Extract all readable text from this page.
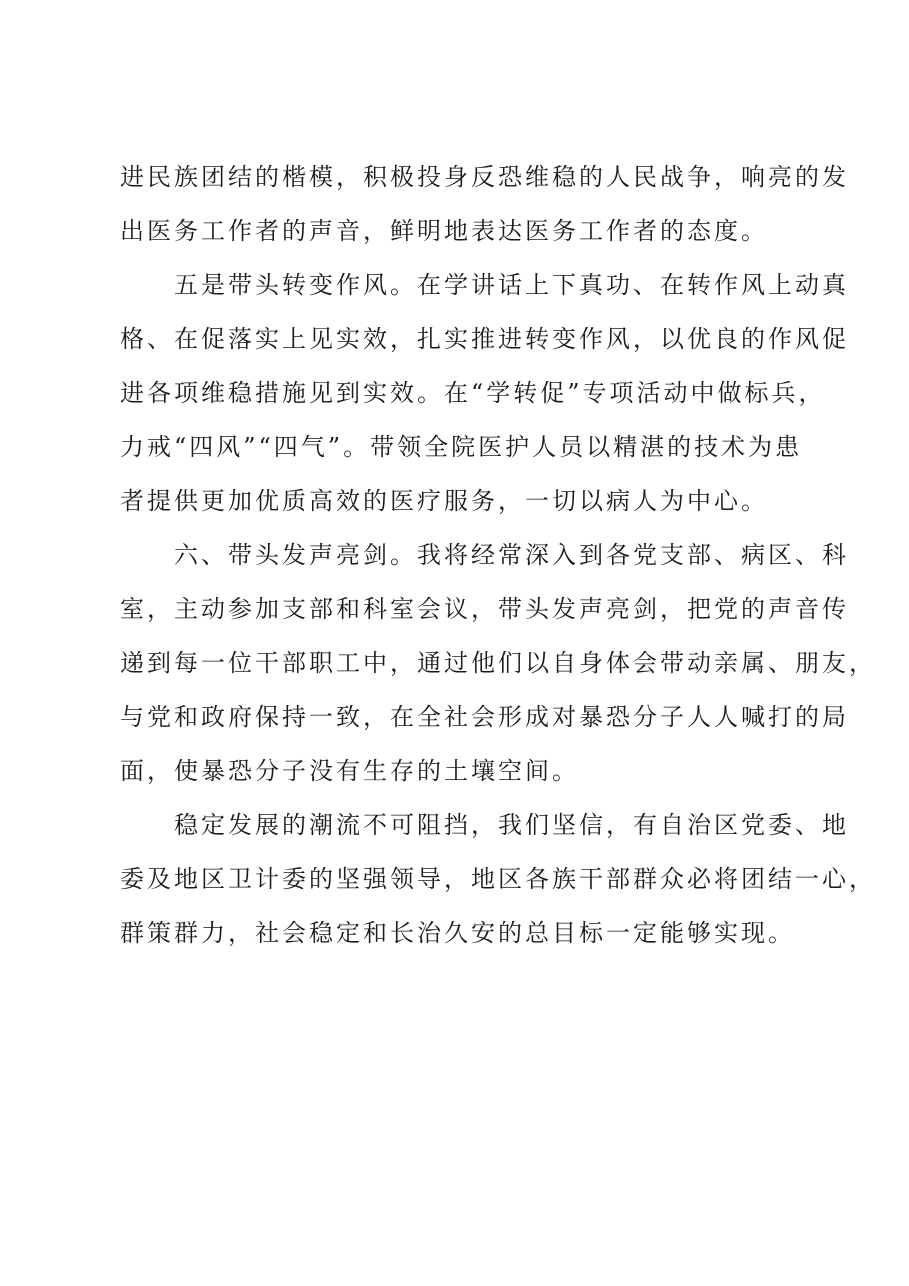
进民族团结的楷模，积极投身反恐维稳的人民战争，响亮的发
出医务工作者的声音，鲜明地表达医务工作者的态度。
五是带头转变作风。在学讲话上下真功、在转作风上动真
格、在促落实上见实效，扎实推进转变作风，以优良的作风促
进各项维稳措施见到实效。在“学转促”专项活动中做标兵，
力戒“四风”“四气”。带领全院医护人员以精湛的技术为患
者提供更加优质高效的医疗服务，一切以病人为中心。
六、带头发声亮剑。我将经常深入到各党支部、病区、科
室，主动参加支部和科室会议，带头发声亮剑，把党的声音传
递到每一位干部职工中，通过他们以自身体会带动亲属、朋友，
与党和政府保持一致，在全社会形成对暴恐分子人人喊打的局
面，使暴恐分子没有生存的土壤空间。
稳定发展的潮流不可阻挡，我们坚信，有自治区党委、地
委及地区卫计委的坚强领导，地区各族干部群众必将团结一心，
群策群力，社会稳定和长治久安的总目标一定能够实现。
